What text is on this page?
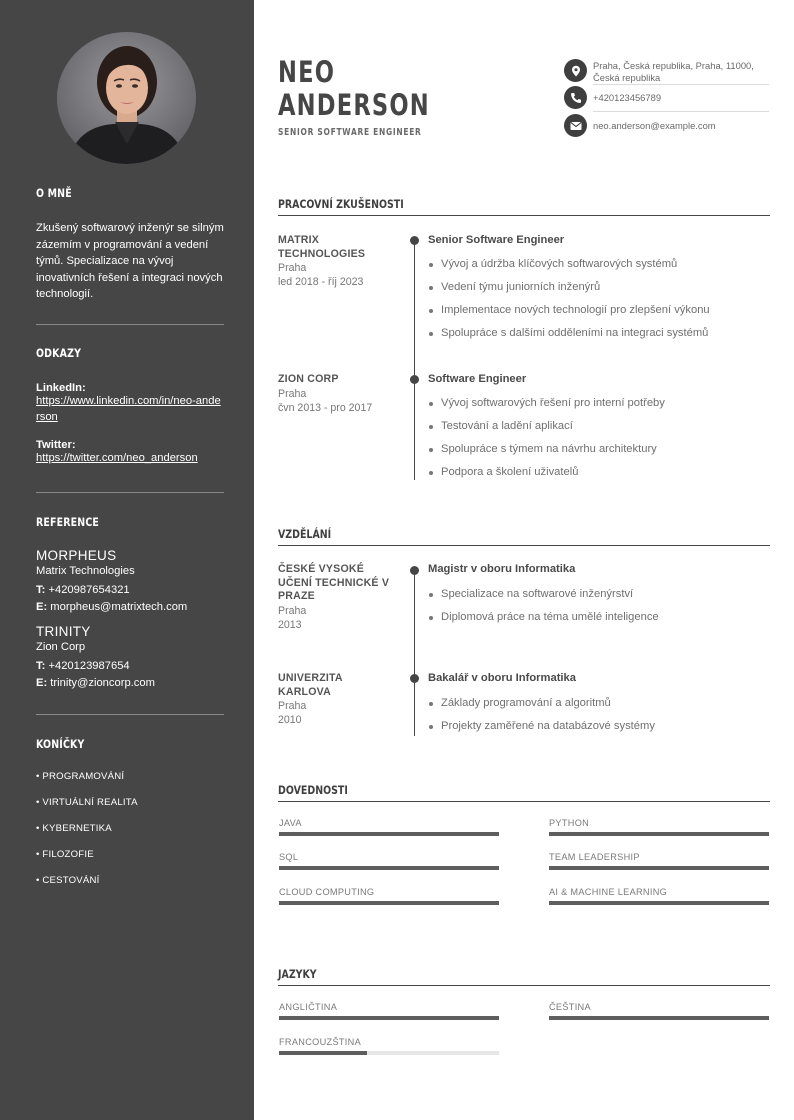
O MNĚ

Zkušený softwarový inženýr se silným zázemím v programování a vedení týmů. Specializace na vývoj inovativních řešení a integraci nových technologií.

ODKAZY
LinkedIn:
https://www.linkedin.com/in/neo-anderson
Twitter:
https://twitter.com/neo_anderson
REFERENCE
MORPHEUS
Matrix Technologies
T: +420987654321
E: morpheus@matrixtech.com
TRINITY
Zion Corp
T: +420123987654
E: trinity@zioncorp.com
KONÍČKY
• PROGRAMOVÁNÍ
• VIRTUÁLNÍ REALITA
• KYBERNETIKA
• FILOZOFIE
• CESTOVÁNÍ
NEO
ANDERSON
SENIOR SOFTWARE ENGINEER
Praha, Česká republika, Praha, 11000, Česká republika
+420123456789
neo.anderson@example.com
PRACOVNÍ ZKUŠENOSTI
MATRIX
TECHNOLOGIES
Praha
led 2018 - říj 2023
Senior Software Engineer
Vývoj a údržba klíčových softwarových systémů
Vedení týmu juniorních inženýrů
Implementace nových technologií pro zlepšení výkonu
Spolupráce s dalšími odděleními na integraci systémů
ZION CORP
Praha
čvn 2013 - pro 2017
Software Engineer
Vývoj softwarových řešení pro interní potřeby
Testování a ladění aplikací
Spolupráce s týmem na návrhu architektury
Podpora a školení uživatelů
VZDĚLÁNÍ
ČESKÉ VYSOKÉ
UČENÍ TECHNICKÉ V
PRAZE
Praha
2013
Magistr v oboru Informatika
Specializace na softwarové inženýrství
Diplomová práce na téma umělé inteligence
UNIVERZITA
KARLOVA
Praha
2010
Bakalář v oboru Informatika
Základy programování a algoritmů
Projekty zaměřené na databázové systémy
DOVEDNOSTI
JAVA	PYTHON
SQL	TEAM LEADERSHIP
CLOUD COMPUTING	AI & MACHINE LEARNING
JAZYKY
ANGLIČTINA	ČEŠTINA
FRANCOUZŠTINA
